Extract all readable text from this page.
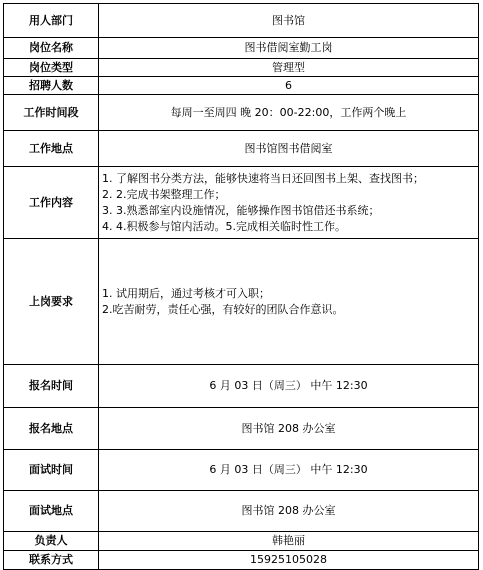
用人部门	图书馆
岗位名称	图书借阅室勤工岗
岗位类型	管理型
招聘人数	6
工作时间段	每周一至周四 晚 20：00-22:00，工作两个晚上
工作地点	图书馆图书借阅室
工作内容	1. 了解图书分类方法，能够快速将当日还回图书上架、查找图书；
2. 2.完成书架整理工作；
3. 3.熟悉部室内设施情况，能够操作图书馆借还书系统；
4. 4.积极参与馆内活动。5.完成相关临时性工作。

上岗要求	1. 试用期后，通过考核才可入职；
2.吃苦耐劳，责任心强，有较好的团队合作意识。

报名时间	6 月 03 日（周三） 中午 12:30
报名地点	图书馆 208 办公室
面试时间	6 月 03 日（周三） 中午 12:30
面试地点	图书馆 208 办公室
负责人	韩艳丽
联系方式	15925105028
